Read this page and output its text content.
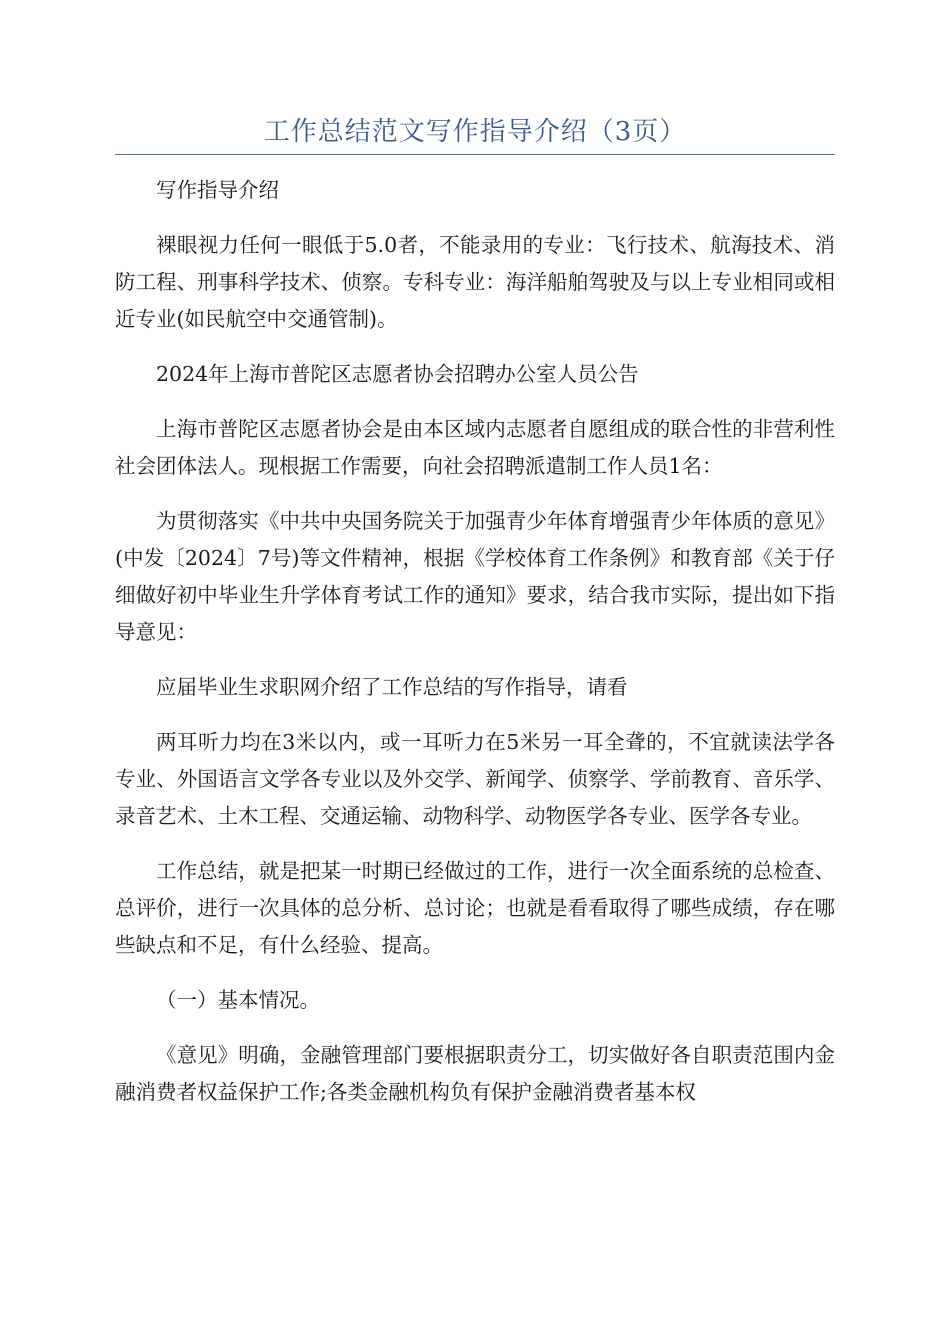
工作总结范文写作指导介绍（3页）

写作指导介绍

裸眼视力任何一眼低于5.0者，不能录用的专业：飞行技术、航海技术、消防工程、刑事科学技术、侦察。专科专业：海洋船舶驾驶及与以上专业相同或相近专业(如民航空中交通管制)。

2024年上海市普陀区志愿者协会招聘办公室人员公告

上海市普陀区志愿者协会是由本区域内志愿者自愿组成的联合性的非营利性社会团体法人。现根据工作需要，向社会招聘派遣制工作人员1名：

为贯彻落实《中共中央国务院关于加强青少年体育增强青少年体质的意见》(中发〔2024〕7号)等文件精神，根据《学校体育工作条例》和教育部《关于仔细做好初中毕业生升学体育考试工作的通知》要求，结合我市实际，提出如下指导意见：

应届毕业生求职网介绍了工作总结的写作指导，请看

两耳听力均在3米以内，或一耳听力在5米另一耳全聋的，不宜就读法学各专业、外国语言文学各专业以及外交学、新闻学、侦察学、学前教育、音乐学、录音艺术、土木工程、交通运输、动物科学、动物医学各专业、医学各专业。

工作总结，就是把某一时期已经做过的工作，进行一次全面系统的总检查、总评价，进行一次具体的总分析、总讨论；也就是看看取得了哪些成绩，存在哪些缺点和不足，有什么经验、提高。

（一）基本情况。

《意见》明确，金融管理部门要根据职责分工，切实做好各自职责范围内金融消费者权益保护工作;各类金融机构负有保护金融消费者基本权
